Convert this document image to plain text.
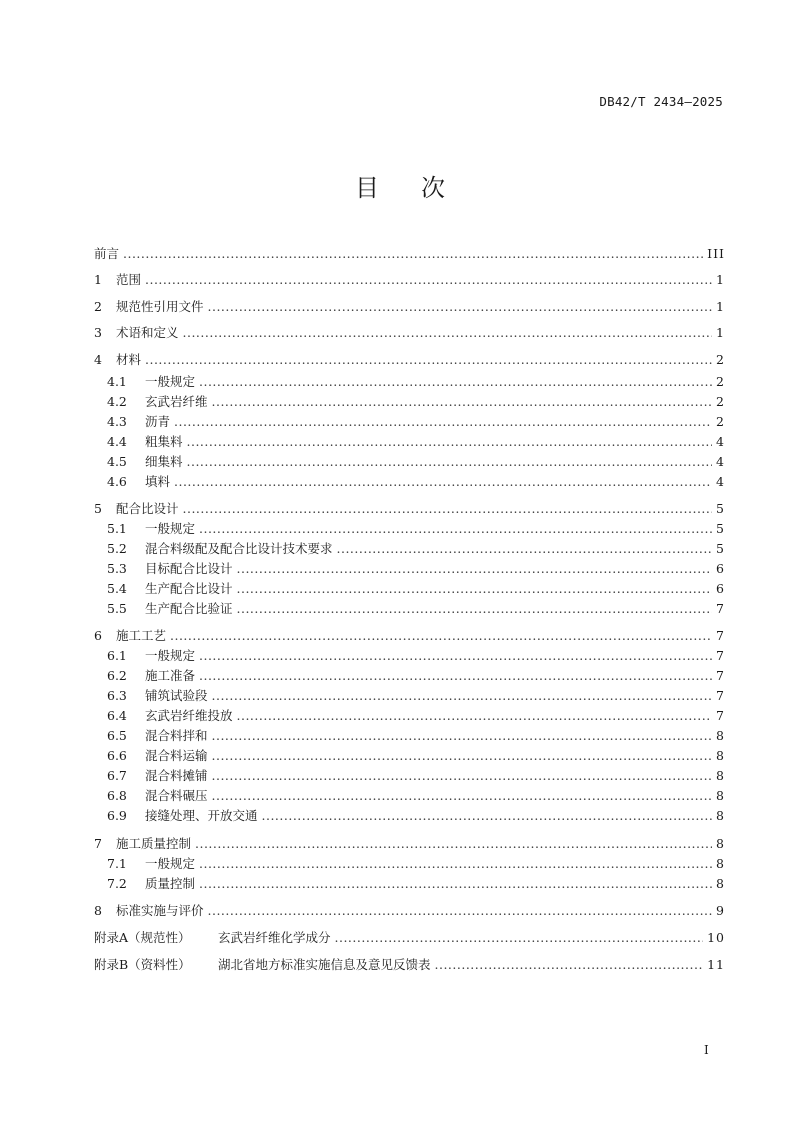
DB42/T 2434—2025
目 次
前言 .....	III
1	范围 .....	1
2	规范性引用文件 .....	1
3	术语和定义 .....	1
4	材料 .....	2
4.1	一般规定 .....	2
4.2	玄武岩纤维 .....	2
4.3	沥青 .....	2
4.4	粗集料 .....	4
4.5	细集料 .....	4
4.6	填料 .....	4
5	配合比设计 .....	5
5.1	一般规定 .....	5
5.2	混合料级配及配合比设计技术要求 .....	5
5.3	目标配合比设计 .....	6
5.4	生产配合比设计 .....	6
5.5	生产配合比验证 .....	7
6	施工工艺 .....	7
6.1	一般规定 .....	7
6.2	施工准备 .....	7
6.3	铺筑试验段 .....	7
6.4	玄武岩纤维投放 .....	7
6.5	混合料拌和 .....	8
6.6	混合料运输 .....	8
6.7	混合料摊铺 .....	8
6.8	混合料碾压 .....	8
6.9	接缝处理、开放交通 .....	8
7	施工质量控制 .....	8
7.1	一般规定 .....	8
7.2	质量控制 .....	8
8	标准实施与评价 .....	9
附录A（规范性）	玄武岩纤维化学成分 .....	10
附录B（资料性）	湖北省地方标准实施信息及意见反馈表 .....	11
I
